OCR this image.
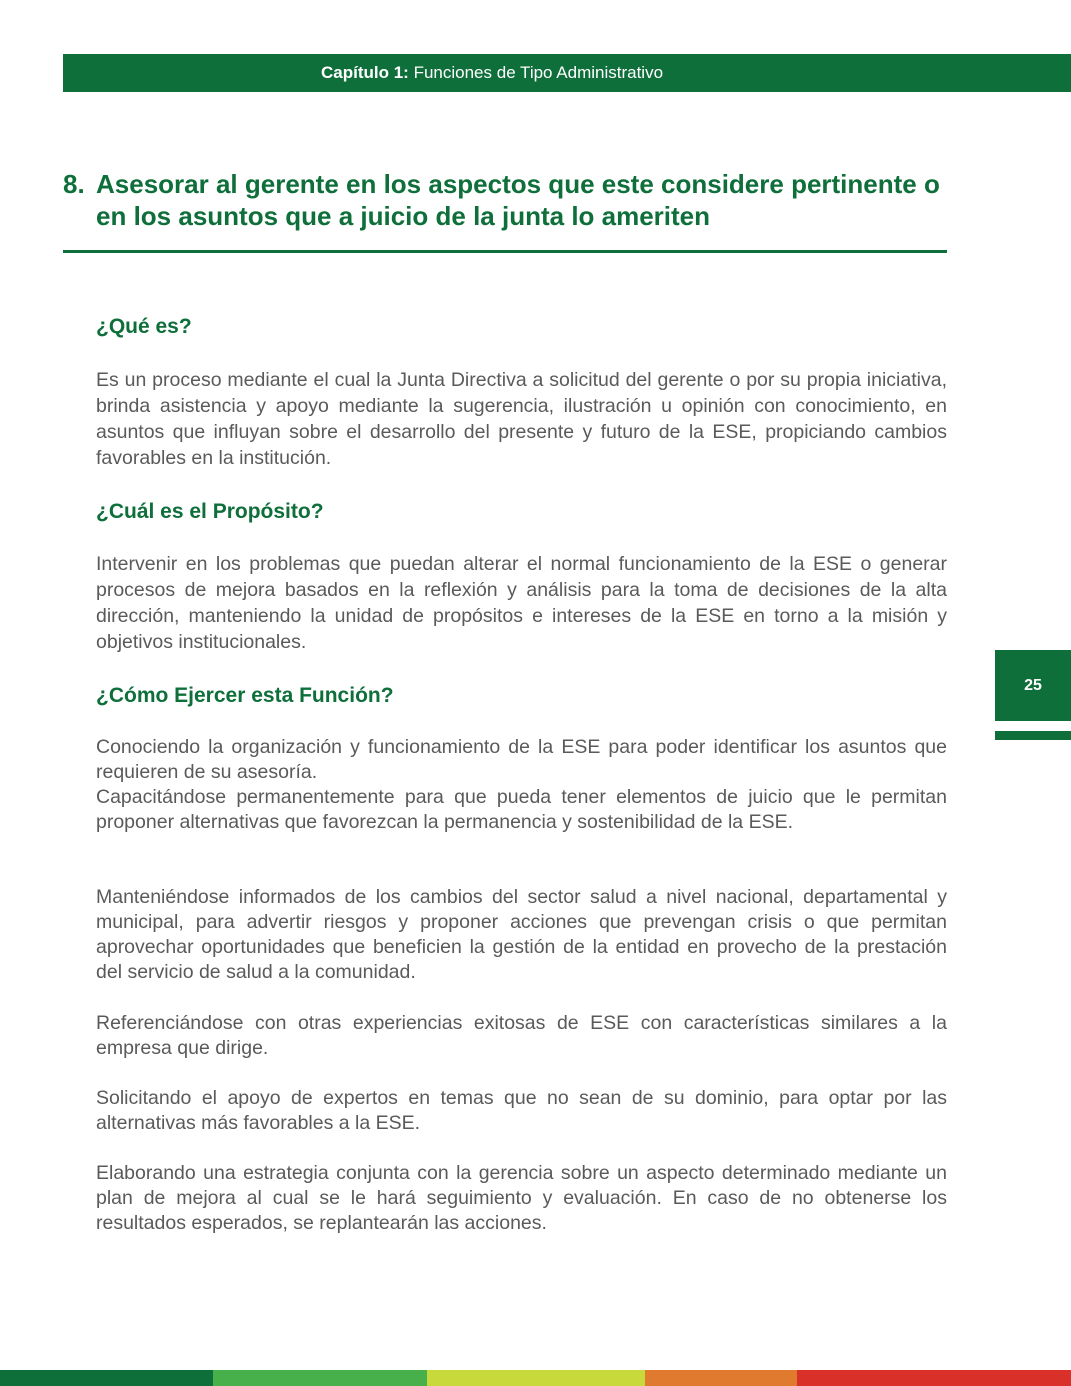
Capítulo 1: Funciones de Tipo Administrativo
8. Asesorar al gerente en los aspectos que este considere pertinente o en los asuntos que a juicio de la junta lo ameriten
¿Qué es?
Es un proceso mediante el cual la Junta Directiva a solicitud del gerente o por su propia iniciativa, brinda asistencia y apoyo mediante la sugerencia, ilustración u opinión con conocimiento, en asuntos que influyan sobre el desarrollo del presente y futuro de la ESE, propiciando cambios favorables en la institución.
¿Cuál es el Propósito?
Intervenir en los problemas que puedan alterar el normal funcionamiento de la ESE o generar procesos de mejora basados en la reflexión y análisis para la toma de decisiones de la alta dirección, manteniendo la unidad de propósitos e intereses de la ESE en torno a la misión y objetivos institucionales.
¿Cómo Ejercer esta Función?
Conociendo la organización y funcionamiento de la ESE para poder identificar los asuntos que requieren de su asesoría.
Capacitándose permanentemente para que pueda tener elementos de juicio que le permitan proponer alternativas que favorezcan la permanencia y sostenibilidad de la ESE.
Manteniéndose informados de los cambios del sector salud a nivel nacional, departamental y municipal, para advertir riesgos y proponer acciones que prevengan crisis o que permitan aprovechar oportunidades que beneficien la gestión de la entidad en provecho de la prestación del servicio de salud a la comunidad.
Referenciándose con otras experiencias exitosas de ESE con características similares a la empresa que dirige.
Solicitando el apoyo de expertos en temas que no sean de su dominio, para optar por las alternativas más favorables a la ESE.
Elaborando una estrategia conjunta con la gerencia sobre un aspecto determinado mediante un plan de mejora al cual se le hará seguimiento y evaluación. En caso de no obtenerse los resultados esperados, se replantearán las acciones.
25
